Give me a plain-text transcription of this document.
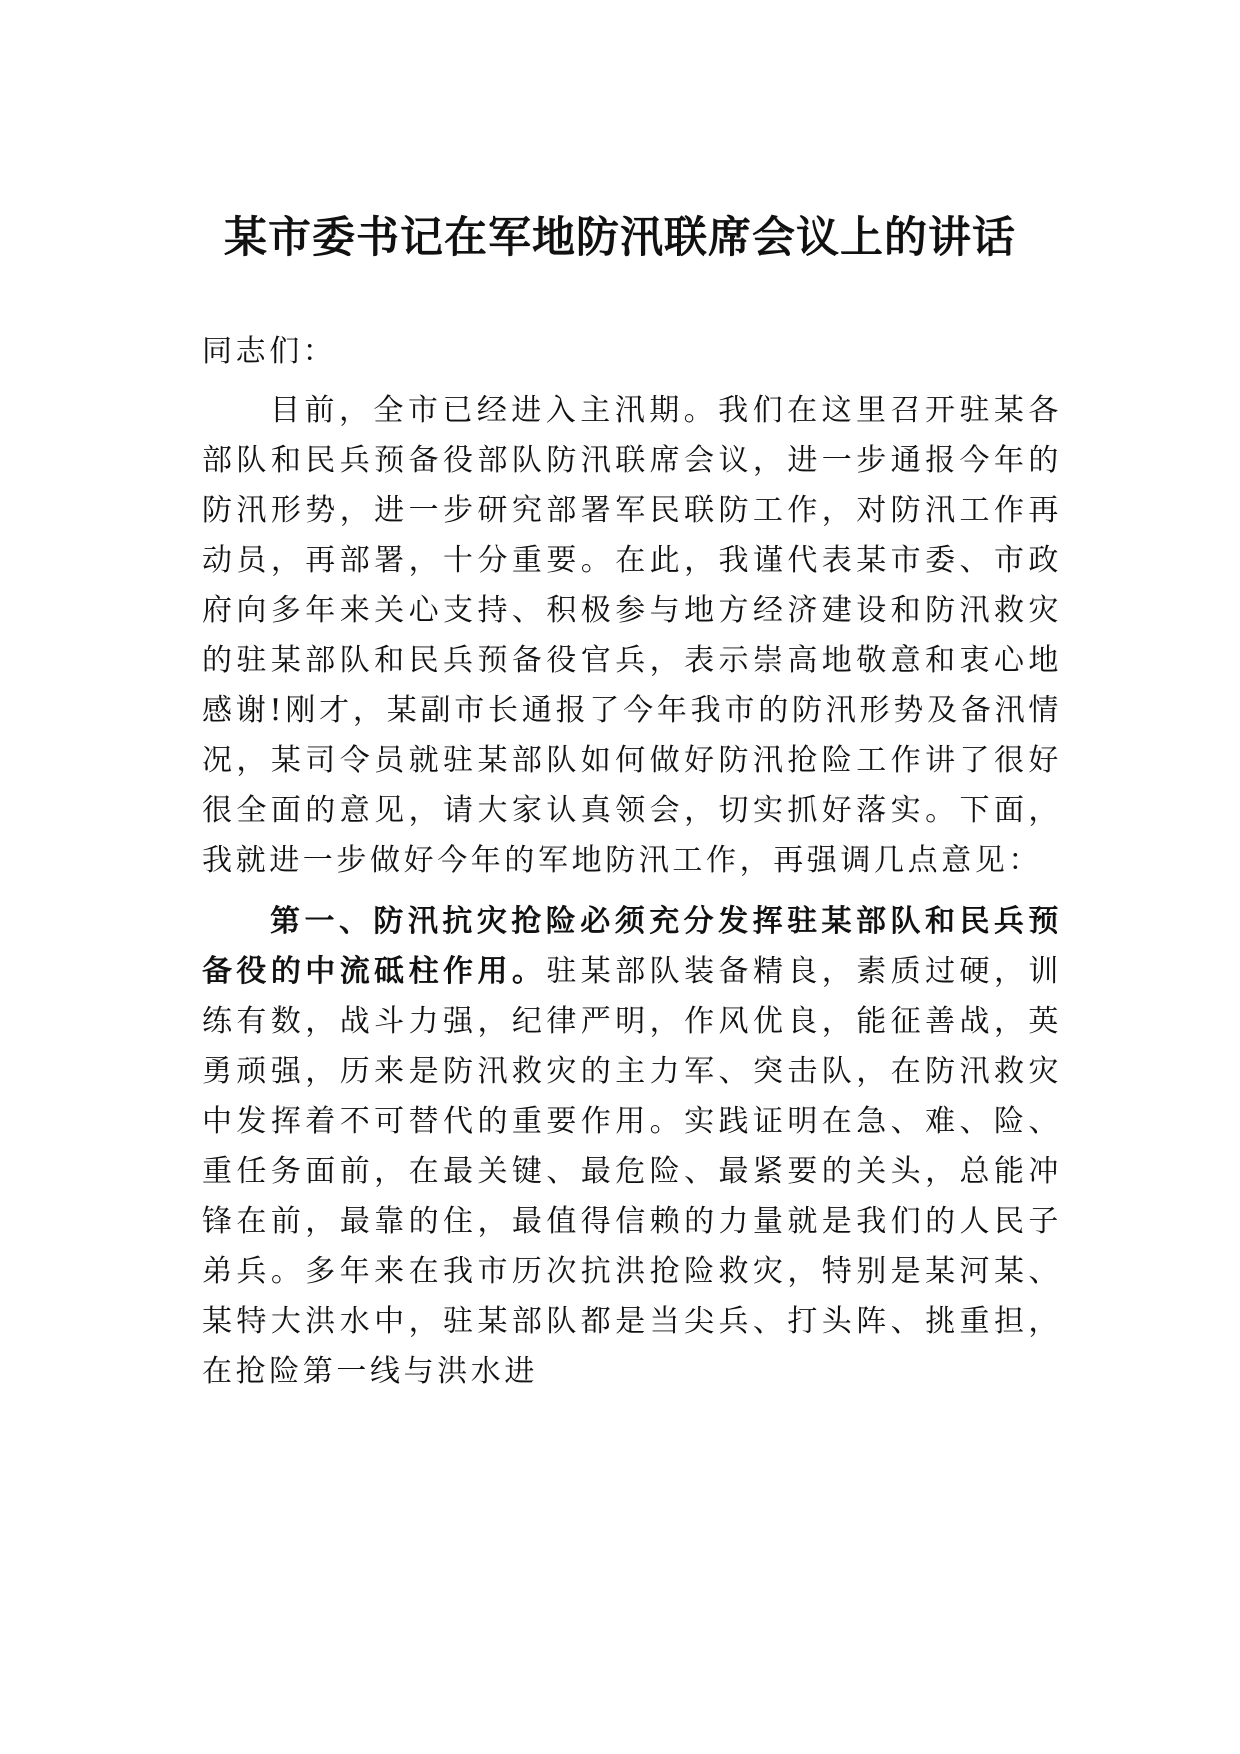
某市委书记在军地防汛联席会议上的讲话

同志们：

目前，全市已经进入主汛期。我们在这里召开驻某各部队和民兵预备役部队防汛联席会议，进一步通报今年的防汛形势，进一步研究部署军民联防工作，对防汛工作再动员，再部署，十分重要。在此，我谨代表某市委、市政府向多年来关心支持、积极参与地方经济建设和防汛救灾的驻某部队和民兵预备役官兵，表示崇高地敬意和衷心地感谢!刚才，某副市长通报了今年我市的防汛形势及备汛情况，某司令员就驻某部队如何做好防汛抢险工作讲了很好很全面的意见，请大家认真领会，切实抓好落实。下面，我就进一步做好今年的军地防汛工作，再强调几点意见：

第一、防汛抗灾抢险必须充分发挥驻某部队和民兵预备役的中流砥柱作用。驻某部队装备精良，素质过硬，训练有数，战斗力强，纪律严明，作风优良，能征善战，英勇顽强，历来是防汛救灾的主力军、突击队，在防汛救灾中发挥着不可替代的重要作用。实践证明在急、难、险、重任务面前，在最关键、最危险、最紧要的关头，总能冲锋在前，最靠的住，最值得信赖的力量就是我们的人民子弟兵。多年来在我市历次抗洪抢险救灾，特别是某河某、某特大洪水中，驻某部队都是当尖兵、打头阵、挑重担，在抢险第一线与洪水进
